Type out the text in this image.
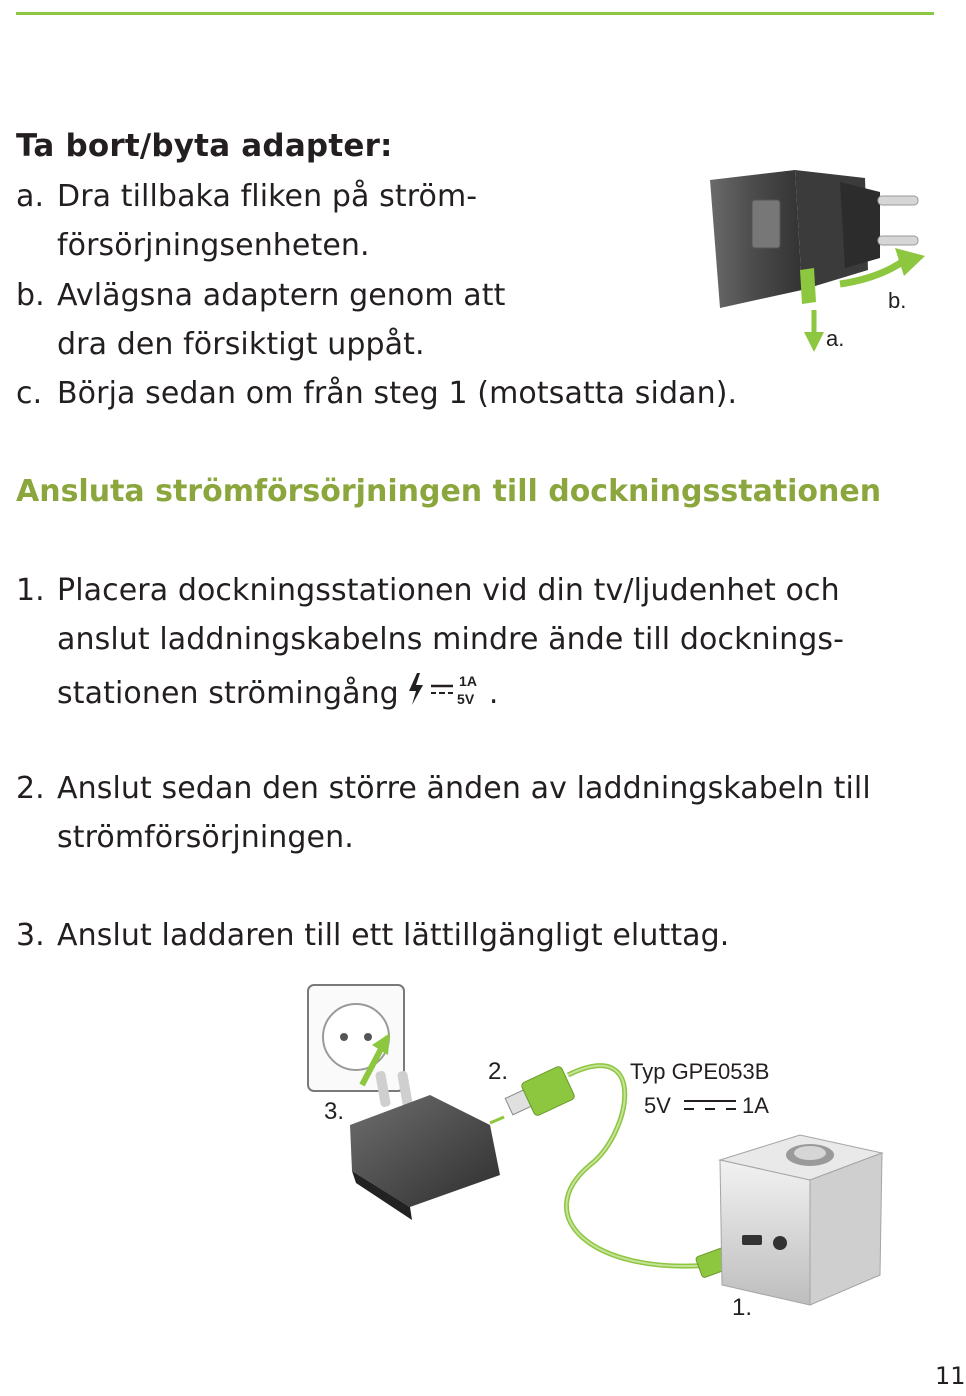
Ta bort/byta adapter:
a. Dra tillbaka fliken på ström-
försörjningsenheten.
b. Avlägsna adaptern genom att
dra den försiktigt uppåt.
c. Börja sedan om från steg 1 (motsatta sidan).
a.
b.
Ansluta strömförsörjningen till dockningsstationen
1. Placera dockningsstationen vid din tv/ljudenhet och
anslut laddningskabelns mindre ände till docknings-
stationen strömingång	1A
5V .
2. Anslut sedan den större änden av laddningskabeln till
strömförsörjningen.
3. Anslut laddaren till ett lättillgängligt eluttag.
3.
2.
1.
Typ GPE053B
5V	1A
11
